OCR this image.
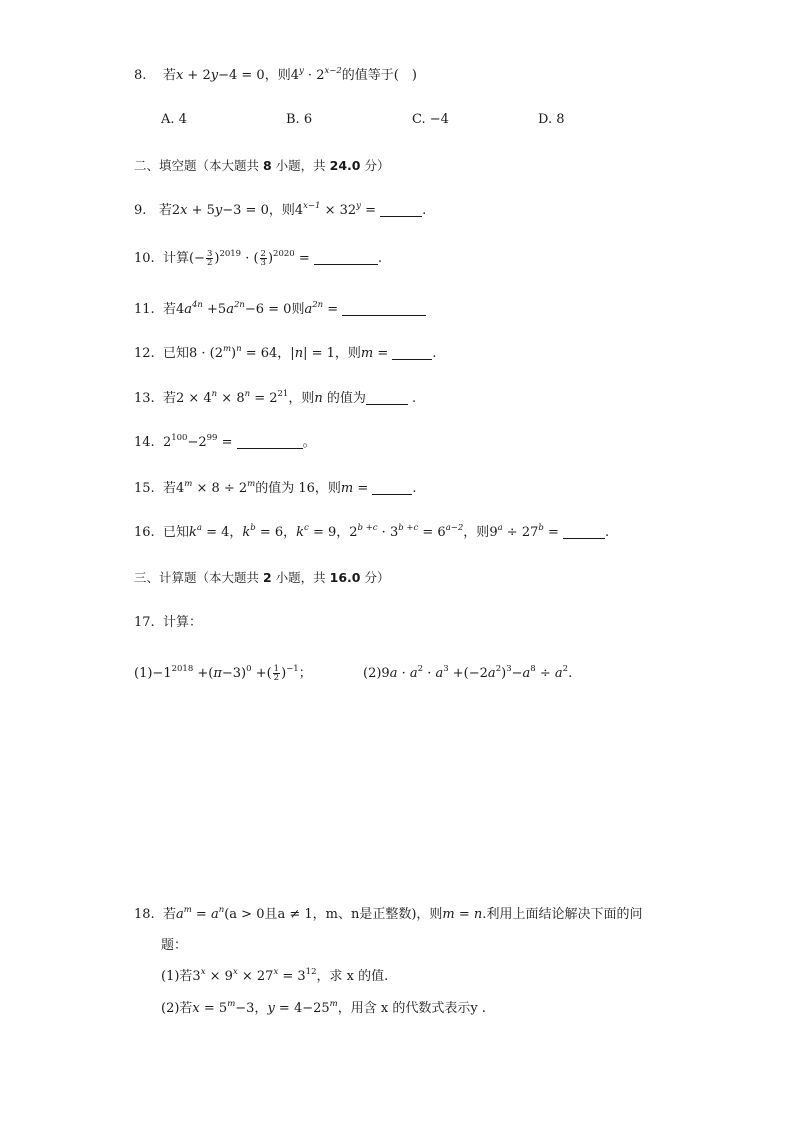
8. 若x + 2y−4 = 0，则$4^y \cdot 2^{x-2}$的值等于(　)
A. 4	B. 6	C. −4	D. 8
二、填空题（本大题共 8 小题，共 24.0 分）
9. 若2x + 5y−3 = 0，则$4^{x-1} \times 32^y$ =	.
10. 计算(− $\frac{3}{2} )^{2019}$ · ( $\frac{2}{3} )^{2020}$ =	.
11. 若$4a^{4n} +5a^{2n}-6 = 0$则$a^{2n}$ =
12. 已知$8 \cdot (2^m)^n = 64$，|n| = 1，则m =	.
13. 若$2 \times 4^n \times 8^n = 2^{21}$，则n 的值为	.
14.  $2^{100}-2^{99}$ =	。
15. 若$4^m \times 8 \div 2^m$的值为 16，则m =	.
16. 已知$k^a = 4$，$k^b = 6$，$k^c = 9$，$2^{b +c} \cdot 3^{b +c} = 6^{a-2}$，则$9^a \div 27^b$ =	.
三、计算题（本大题共 2 小题，共 16.0 分）
17. 计算：
$(1)-1^{2018} +(\pi-3)^0$ +( $\frac{1}{2} )^{-1}$；	$(2)9a \cdot a^2 \cdot a^3 +(-2a^2)^3-a^8 \div a^2$.
18. 若$a^m = a^n(a > 0$且a ≠ 1，m、n是正整数)，则m = n.利用上面结论解决下面的问
题：
(1)若$3^x \times 9^x \times 27^x = 3^{12}$，求 x 的值.
(2)若$x = 5^m-3$，$y = 4-25^m$，用含 x 的代数式表示y .
